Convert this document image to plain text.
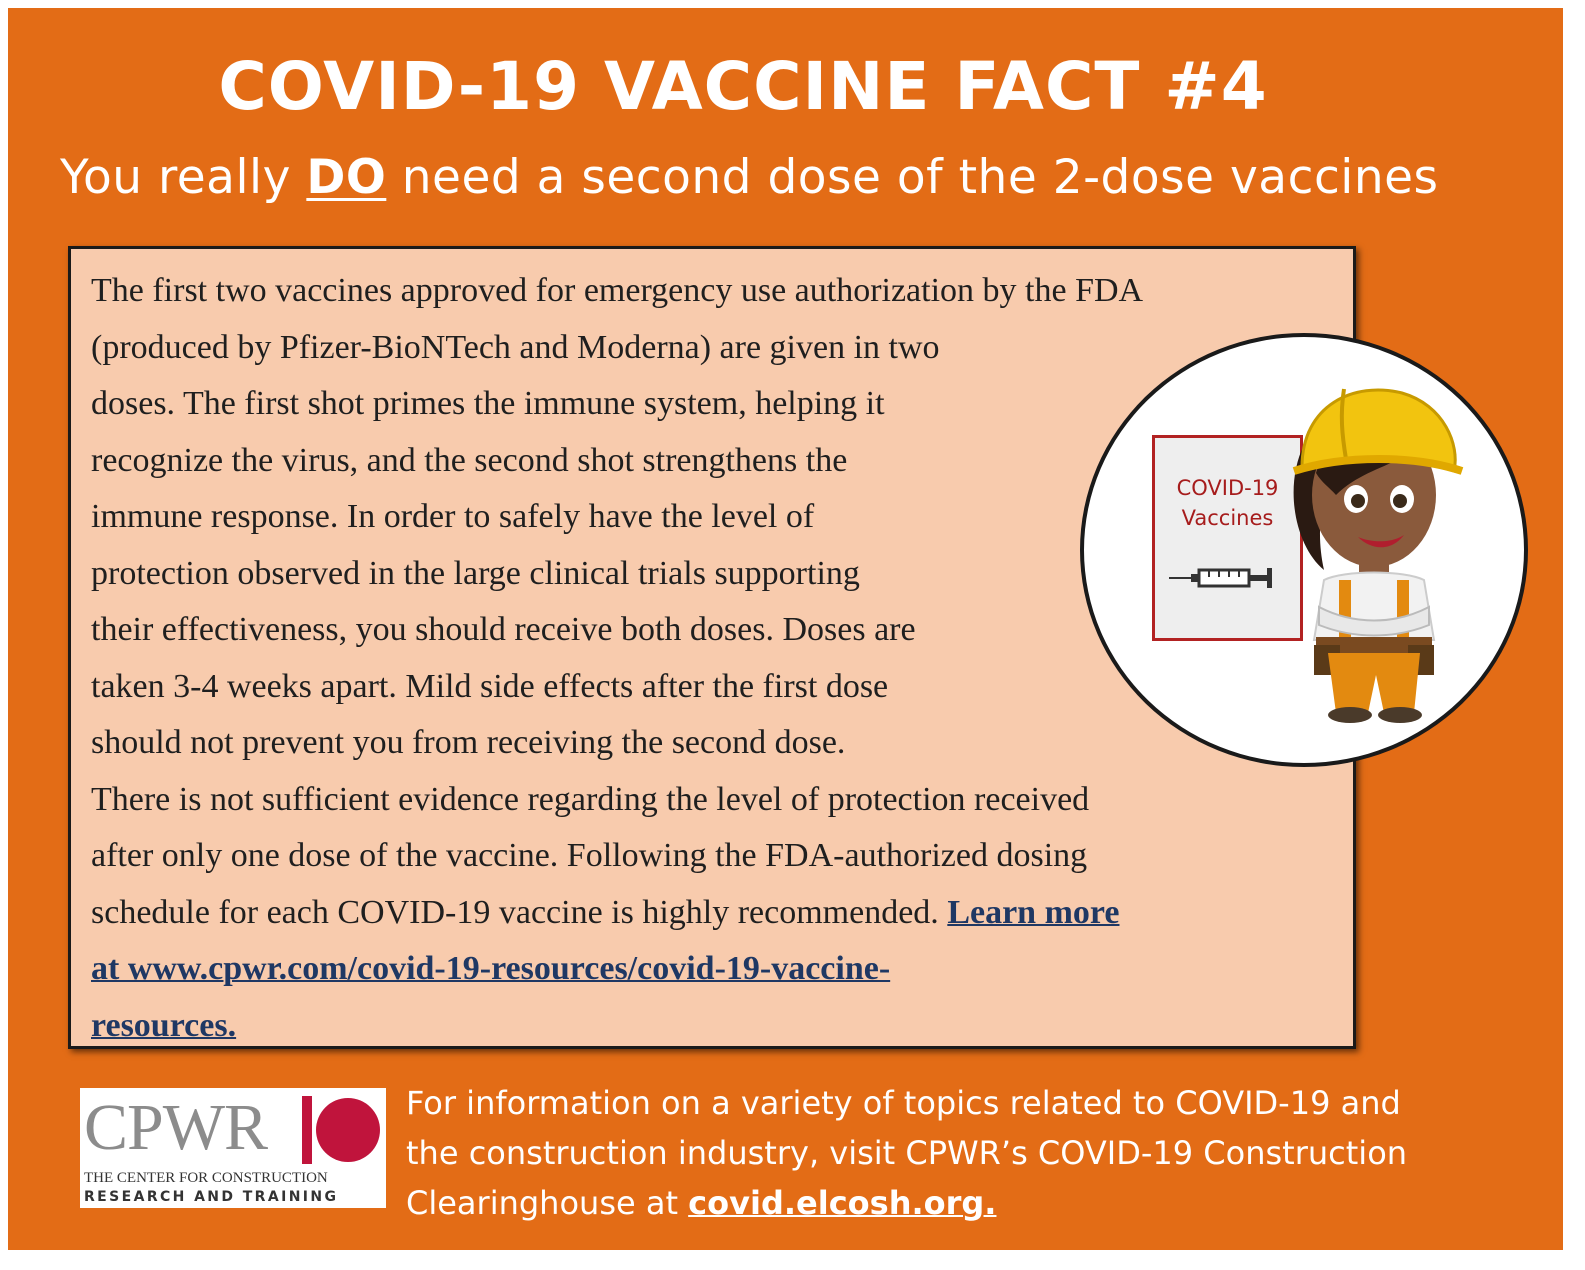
COVID-19 VACCINE FACT #4

You really DO need a second dose of the 2-dose vaccines

The first two vaccines approved for emergency use authorization by the FDA
(produced by Pfizer-BioNTech and Moderna) are given in two
doses. The first shot primes the immune system, helping it
recognize the virus, and the second shot strengthens the
immune response. In order to safely have the level of
protection observed in the large clinical trials supporting
their effectiveness, you should receive both doses. Doses are
taken 3-4 weeks apart. Mild side effects after the first dose
should not prevent you from receiving the second dose.
There is not sufficient evidence regarding the level of protection received
after only one dose of the vaccine. Following the FDA-authorized dosing
schedule for each COVID-19 vaccine is highly recommended. Learn more
at www.cpwr.com/covid-19-resources/covid-19-vaccine-
resources.

COVID-19
Vaccines
CPWR
THE CENTER FOR CONSTRUCTION
RESEARCH AND TRAINING

For information on a variety of topics related to COVID-19 and
the construction industry, visit CPWR’s COVID-19 Construction
Clearinghouse at covid.elcosh.org.
